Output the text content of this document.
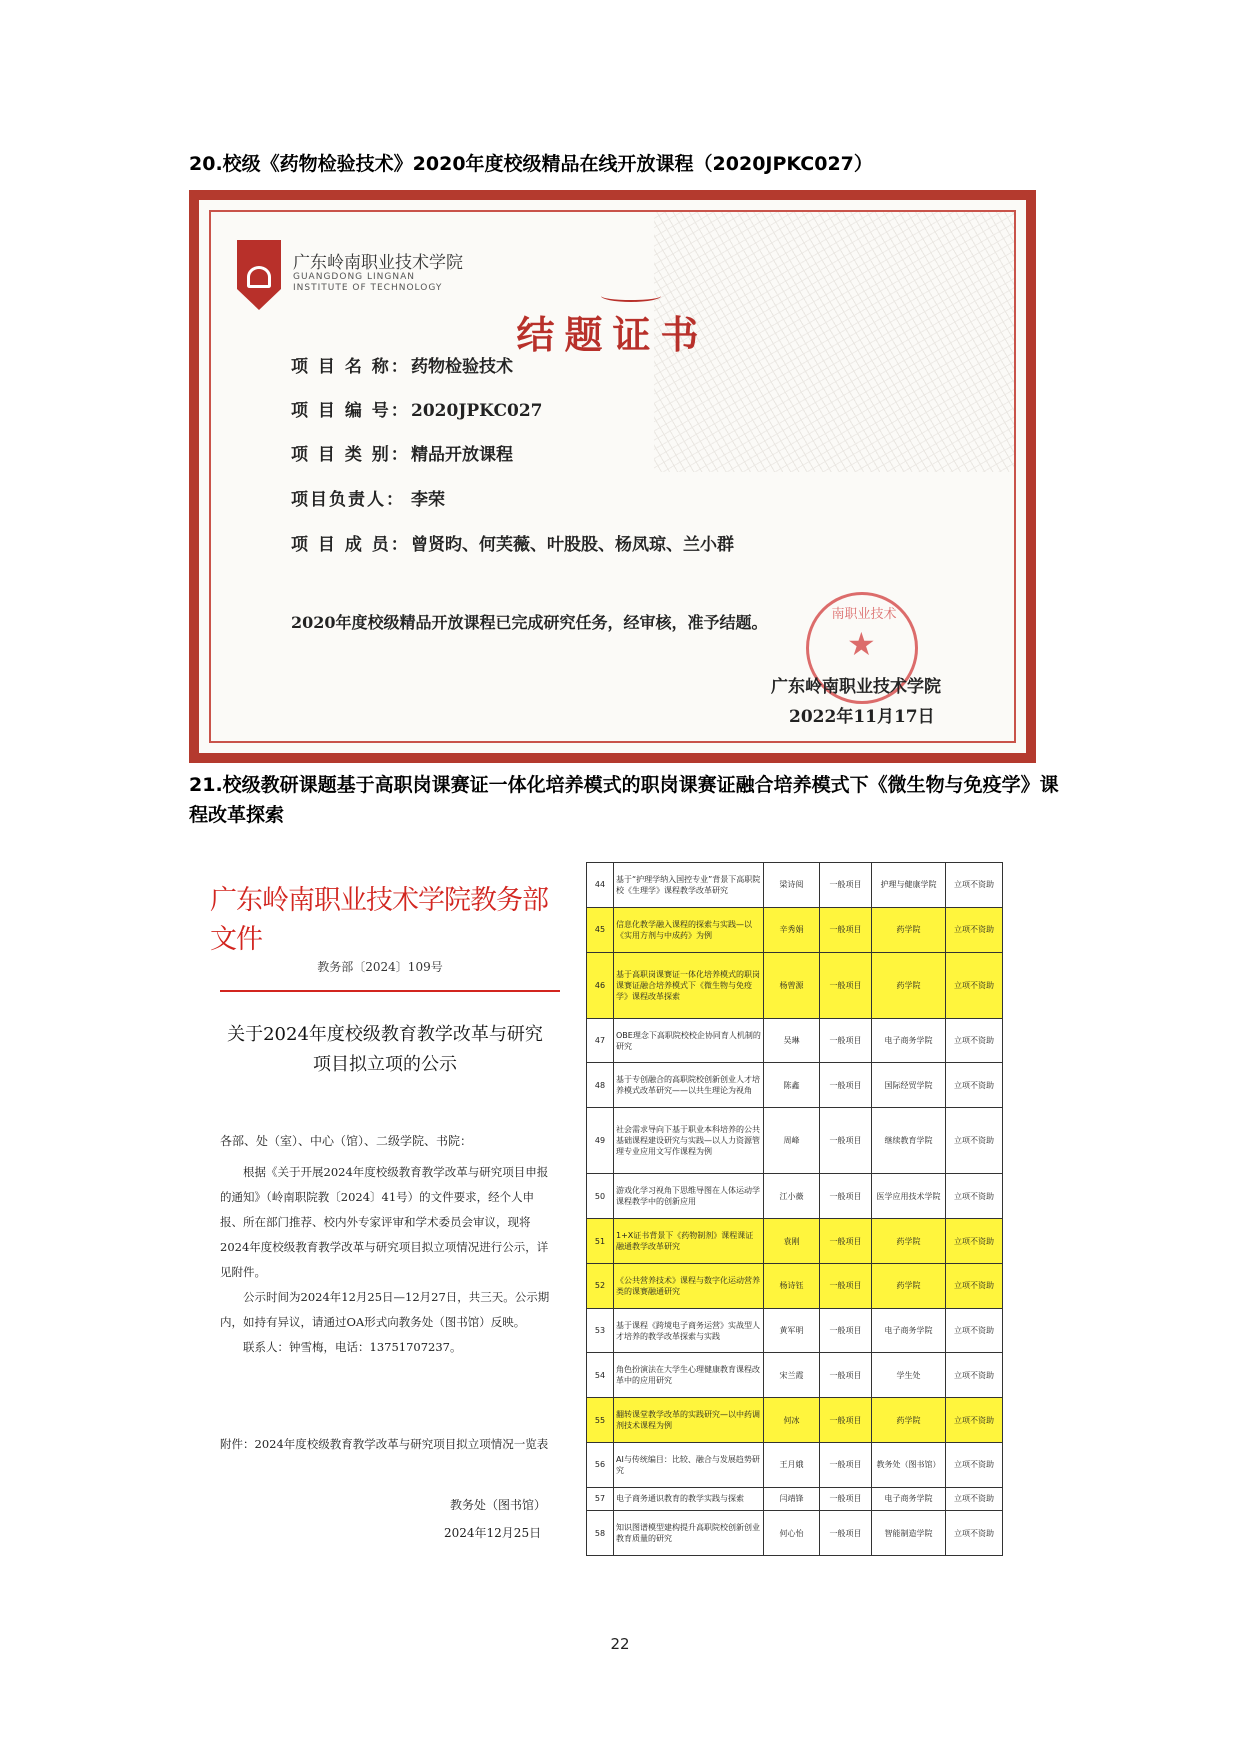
20.校级《药物检验技术》2020年度校级精品在线开放课程（2020JPKC027）
广东岭南职业技术学院
GUANGDONG LINGNAN
INSTITUTE OF TECHNOLOGY
结题证书
项 目 名 称：药物检验技术
项 目 编 号：2020JPKC027
项 目 类 别：精品开放课程
项目负责人： 李荣
项 目 成 员：曾贤昀、何芙薇、叶股股、杨凤琼、兰小群
2020年度校级精品开放课程已完成研究任务，经审核，准予结题。	南职业技术
★
广东岭南职业技术学院
2022年11月17日
21.校级教研课题基于高职岗课赛证一体化培养模式的职岗课赛证融合培养模式下《微生物与免疫学》课程改革探索
广东岭南职业技术学院教务部文件
教务部〔2024〕109号
关于2024年度校级教育教学改革与研究项目拟立项的公示
各部、处（室）、中心（馆）、二级学院、书院：

根据《关于开展2024年度校级教育教学改革与研究项目申报的通知》（岭南职院教〔2024〕41号）的文件要求，经个人申报、所在部门推荐、校内外专家评审和学术委员会审议，现将2024年度校级教育教学改革与研究项目拟立项情况进行公示，详见附件。

公示时间为2024年12月25日—12月27日，共三天。公示期内，如持有异议，请通过OA形式向教务处（图书馆）反映。

联系人：钟雪梅，电话：13751707237。

附件：2024年度校级教育教学改革与研究项目拟立项情况一览表
教务处（图书馆）
2024年12月25日
44	基于“护理学纳入国控专业”背景下高职院校《生理学》课程教学改革研究	梁诗阅	一般项目	护理与健康学院	立项不资助
45	信息化教学融入课程的探索与实践—以《实用方剂与中成药》为例	辛秀娟	一般项目	药学院	立项不资助
46	基于高职岗课赛证一体化培养模式的职岗课赛证融合培养模式下《微生物与免疫学》课程改革探索	杨曾源	一般项目	药学院	立项不资助
47	OBE理念下高职院校校企协同育人机制的研究	吴琳	一般项目	电子商务学院	立项不资助
48	基于专创融合的高职院校创新创业人才培养模式改革研究——以共生理论为视角	陈鑫	一般项目	国际经贸学院	立项不资助
49	社会需求导向下基于职业本科培养的公共基础课程建设研究与实践—以人力资源管理专业应用文写作课程为例	周峰	一般项目	继续教育学院	立项不资助
50	游戏化学习视角下思维导图在人体运动学课程教学中的创新应用	江小薇	一般项目	医学应用技术学院	立项不资助
51	1+X证书背景下《药物制剂》课程课证融通教学改革研究	袁刚	一般项目	药学院	立项不资助
52	《公共营养技术》课程与数字化运动营养类的课赛融通研究	杨诗钰	一般项目	药学院	立项不资助
53	基于课程《跨境电子商务运营》实战型人才培养的教学改革探索与实践	黄军明	一般项目	电子商务学院	立项不资助
54	角色扮演法在大学生心理健康教育课程改革中的应用研究	宋兰霞	一般项目	学生处	立项不资助
55	翻转课堂教学改革的实践研究—以中药调剂技术课程为例	何冰	一般项目	药学院	立项不资助
56	AI与传统编目：比较、融合与发展趋势研究	王月娥	一般项目	教务处（图书馆）	立项不资助
57	电子商务通识教育的教学实践与探索	闫靖锋	一般项目	电子商务学院	立项不资助
58	知识图谱模型建构提升高职院校创新创业教育质量的研究	何心怡	一般项目	智能制造学院	立项不资助
22
